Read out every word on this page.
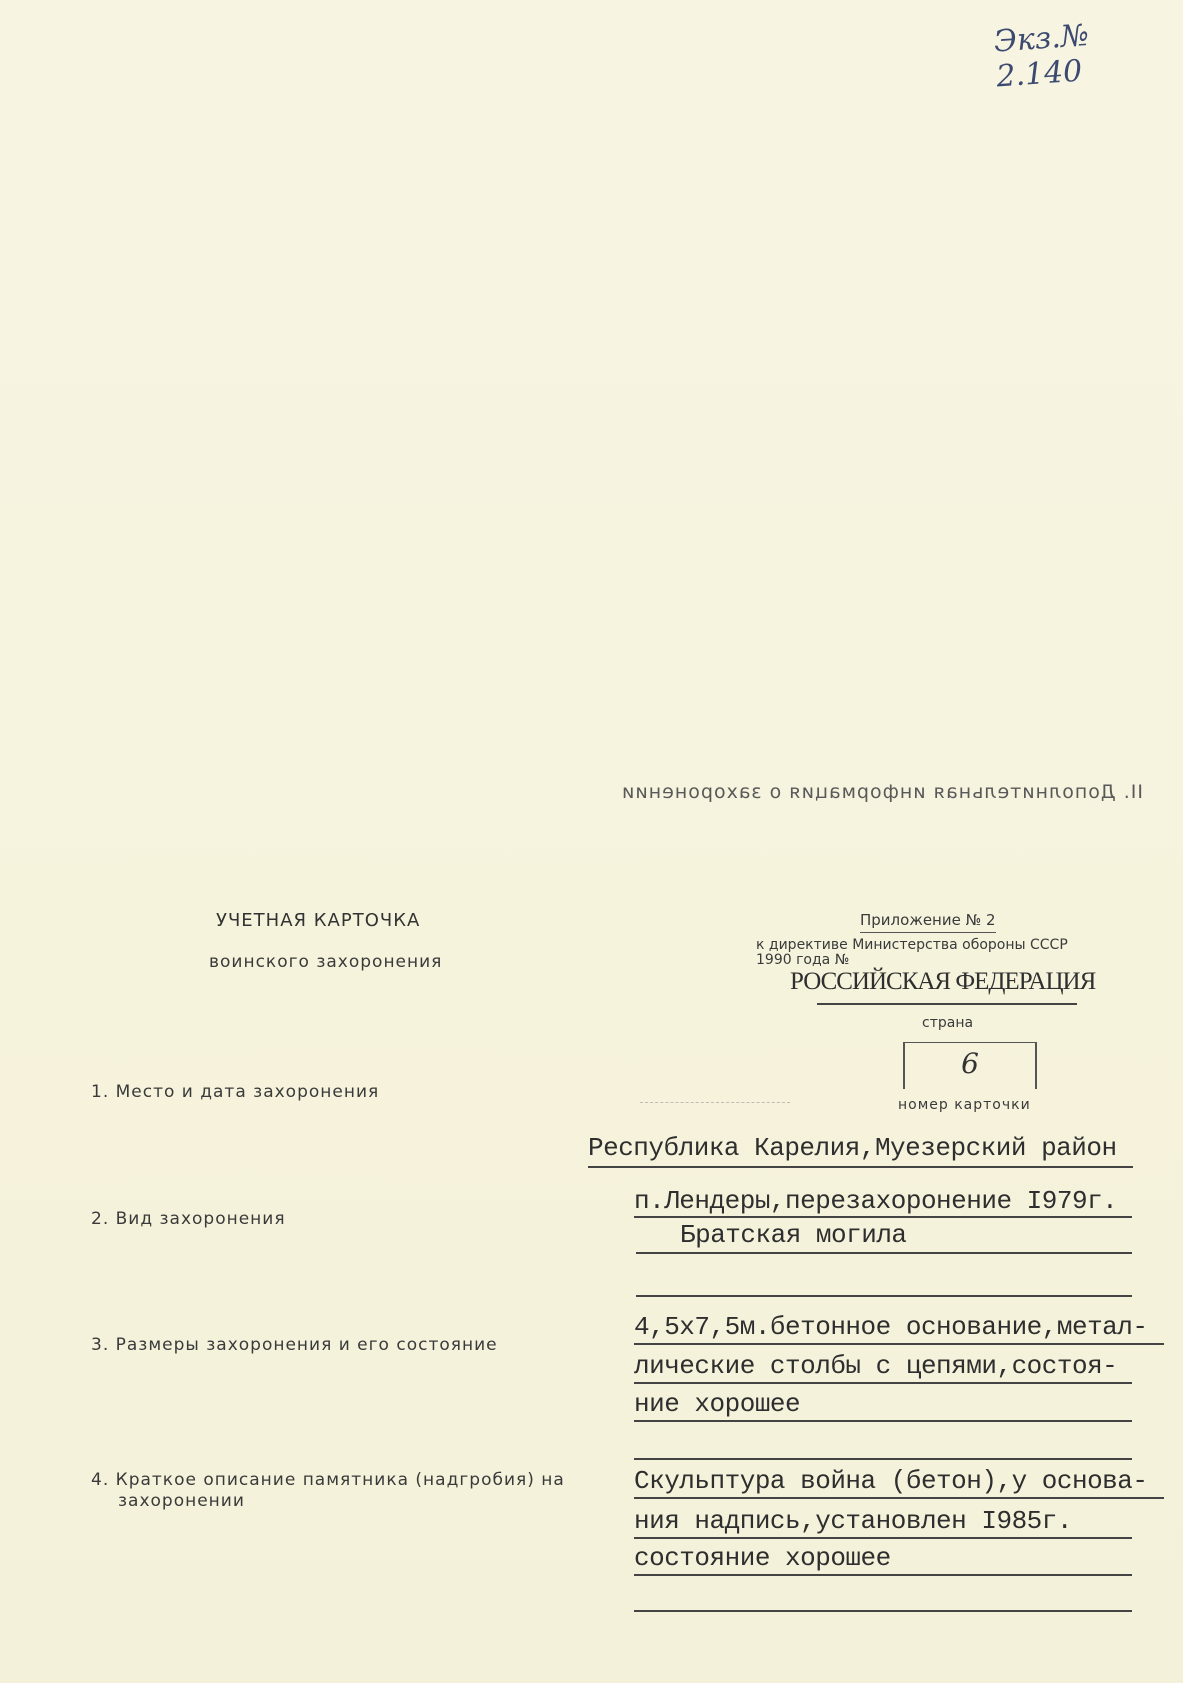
Экз.№ 2.140
II. Дополнительная информация о захоронении
УЧЕТНАЯ КАРТОЧКА
воинского захоронения
Приложение № 2
к директиве Министерства обороны СССР
1990 года №
РОССИЙСКАЯ ФЕДЕРАЦИЯ
страна
6
номер карточки
1. Место и дата захоронения
Республика Карелия,Муезерский район
п.Лендеры,перезахоронение I979г.
2. Вид захоронения
Братская могила
3. Размеры захоронения и его состояние
4,5х7,5м.бетонное основание,метал-
лические столбы с цепями,состоя-
ние хорошее
4. Краткое описание памятника (надгробия) на
захоронении
Скульптура война (бетон),у основа-
ния надпись,установлен I985г.
состояние хорошее
